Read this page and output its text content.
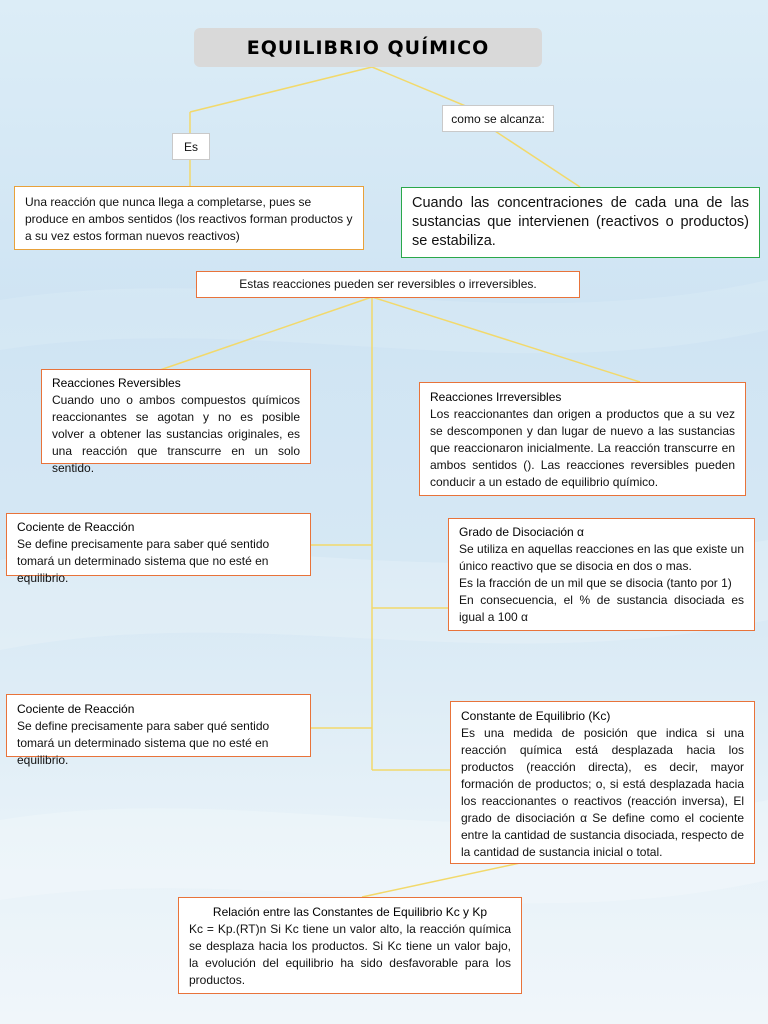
EQUILIBRIO QUÍMICO
Es
como se alcanza:
Una reacción que nunca llega a completarse, pues se produce en ambos sentidos (los reactivos forman productos y a su vez estos forman nuevos reactivos)
Cuando las concentraciones de cada una de las sustancias que intervienen (reactivos o productos) se estabiliza.
Estas reacciones pueden ser reversibles o irreversibles.
Reacciones Reversibles
Cuando uno o ambos compuestos químicos reaccionantes se agotan y no es posible volver a obtener las sustancias originales, es una reacción que transcurre en un solo sentido.
Reacciones Irreversibles
Los reaccionantes dan origen a productos que a su vez se descomponen y dan lugar de nuevo a las sustancias que reaccionaron inicialmente. La reacción transcurre en ambos sentidos (). Las reacciones reversibles pueden conducir a un estado de equilibrio químico.
Cociente de Reacción
Se define precisamente para saber qué sentido tomará un determinado sistema que no esté en equilibrio.
Grado de Disociación α
Se utiliza en aquellas reacciones en las que existe un único reactivo que se disocia en dos o mas.
Es la fracción de un mil que se disocia (tanto por 1)
En consecuencia, el % de sustancia disociada es igual a 100 α
Cociente de Reacción
Se define precisamente para saber qué sentido tomará un determinado sistema que no esté en equilibrio.
Constante de Equilibrio (Kc)
Es una medida de posición que indica si una reacción química está desplazada hacia los productos (reacción directa), es decir, mayor formación de productos; o, si está desplazada hacia los reaccionantes o reactivos (reacción inversa), El grado de disociación α Se define como el cociente entre la cantidad de sustancia disociada, respecto de la cantidad de sustancia inicial o total.
Relación entre las Constantes de Equilibrio Kc y Kp
Kc = Kp.(RT)n Si Kc tiene un valor alto, la reacción química se desplaza hacia los productos. Si Kc tiene un valor bajo, la evolución del equilibrio ha sido desfavorable para los productos.
